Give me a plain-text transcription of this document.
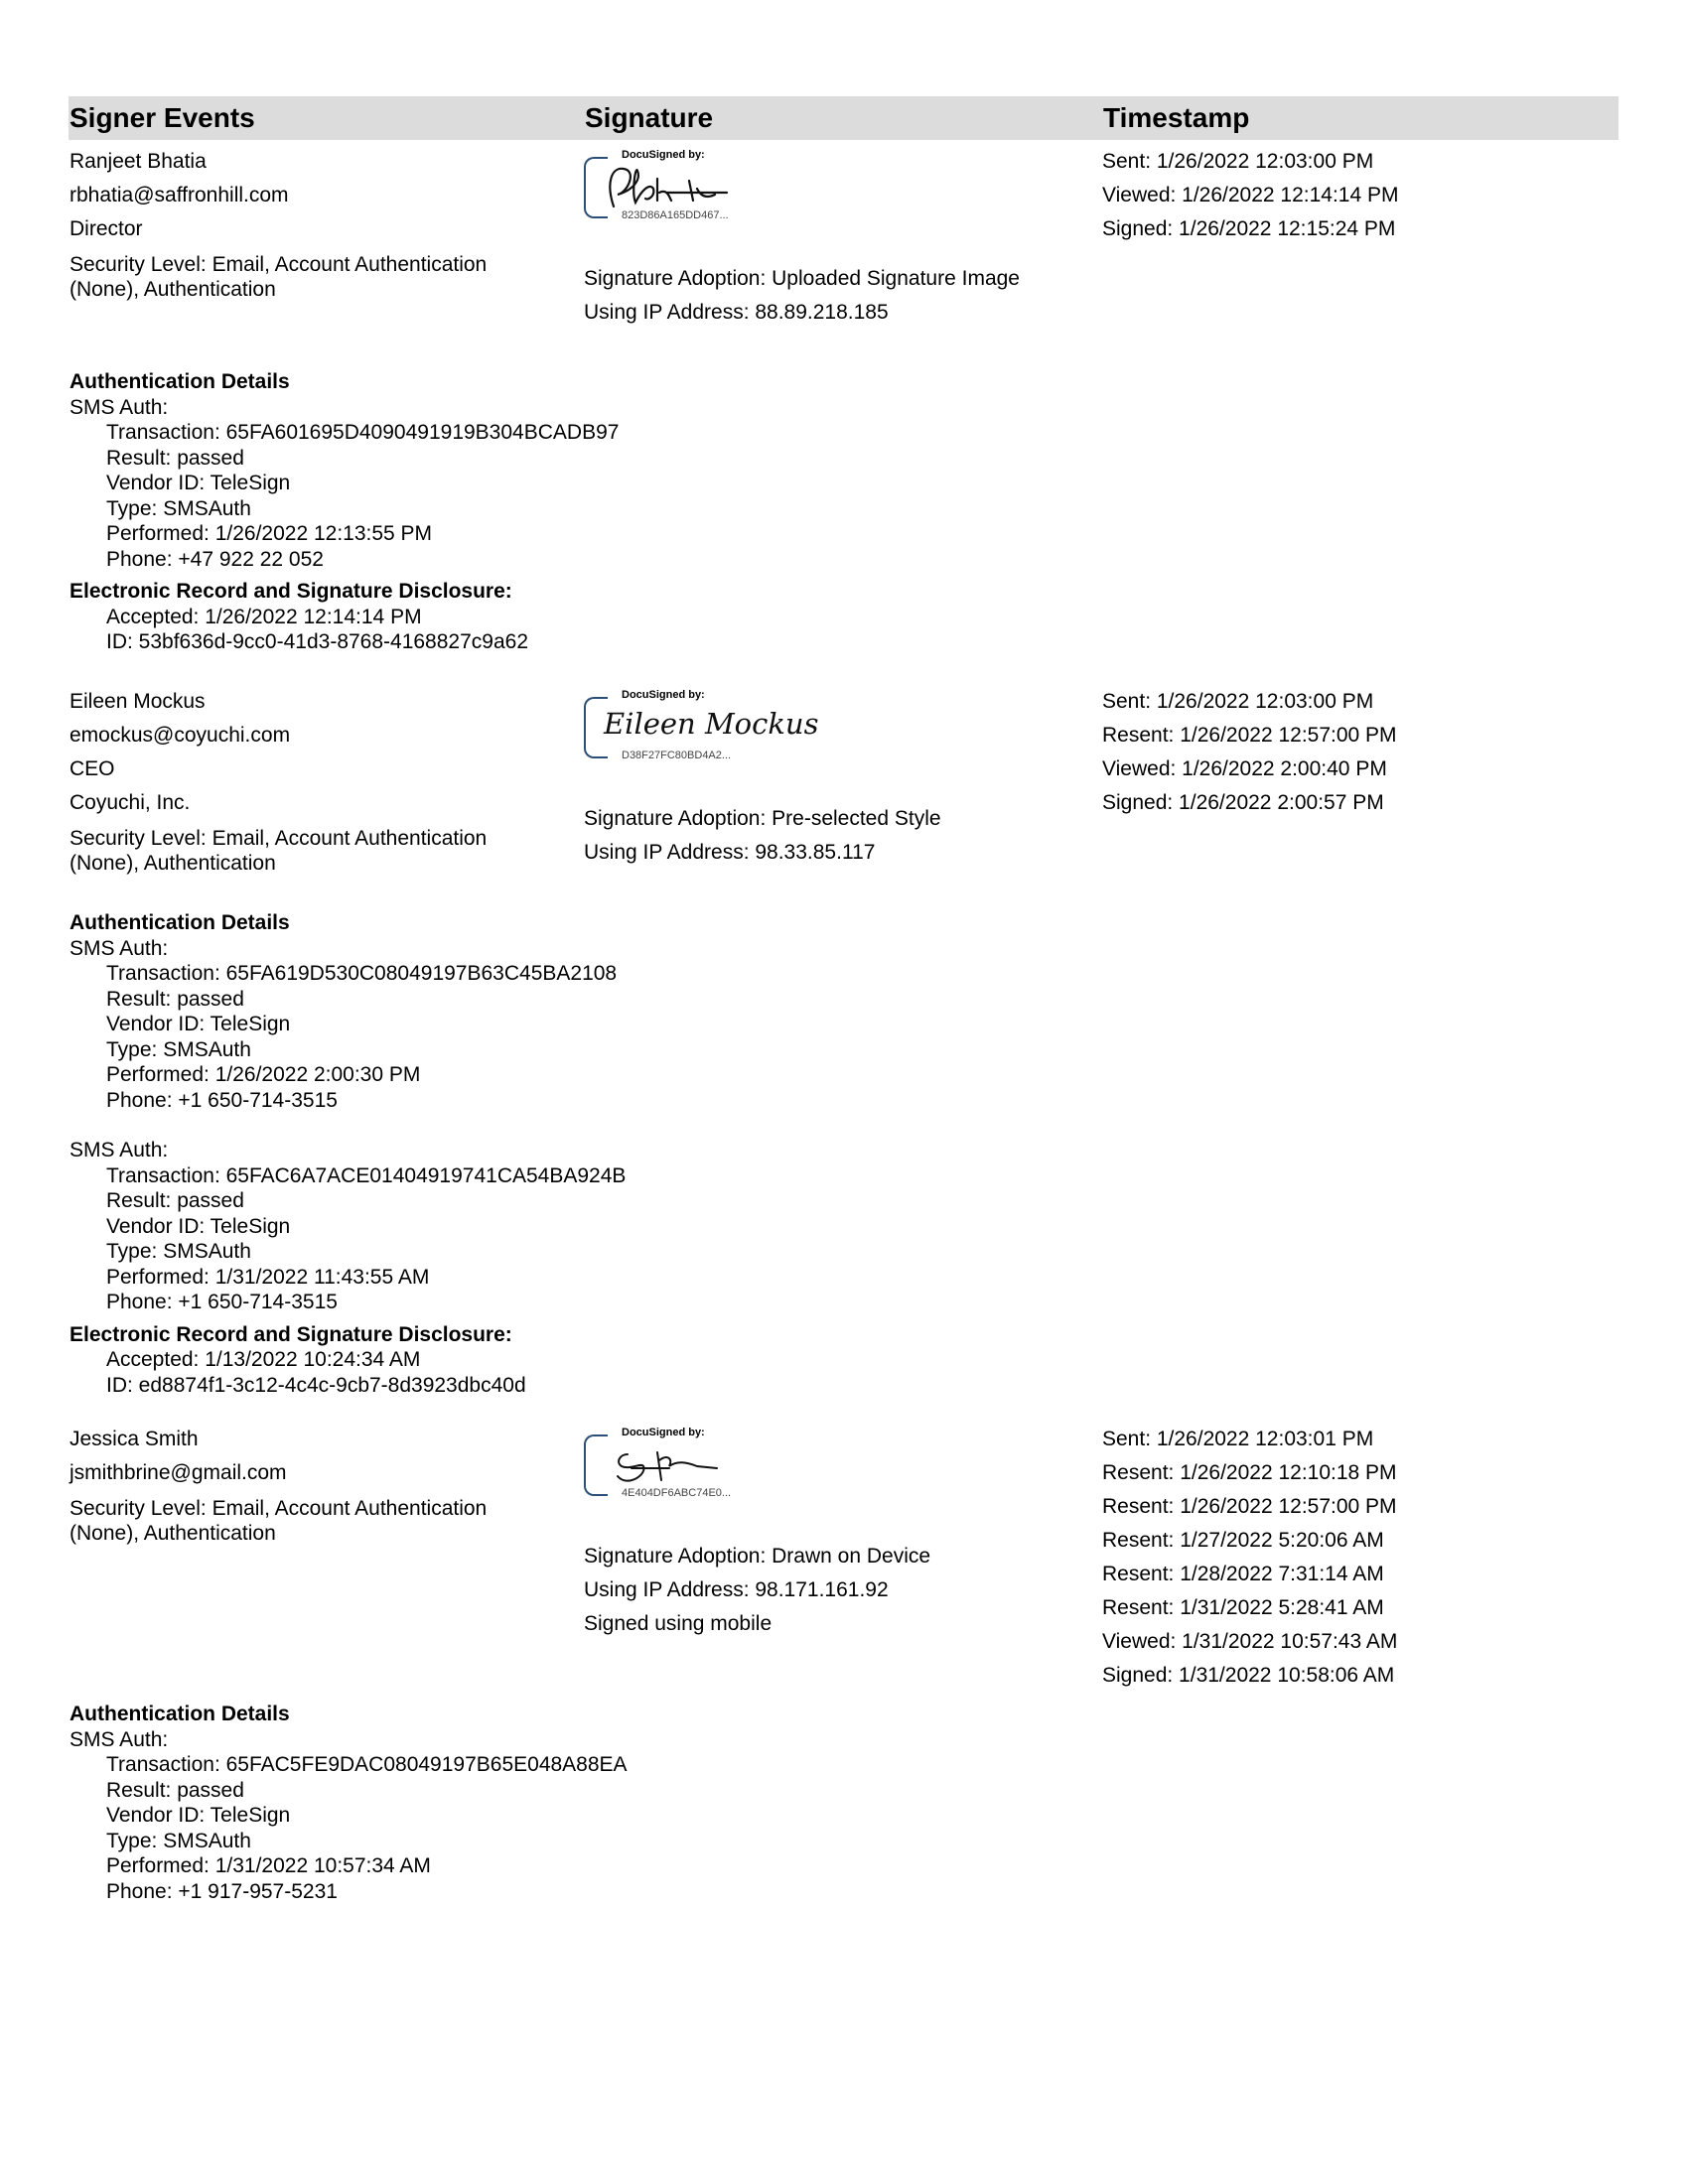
Signer Events	Signature	Timestamp
Ranjeet Bhatia
rbhatia@saffronhill.com
Director
Security Level: Email, Account Authentication
(None), Authentication
DocuSigned by:
823D86A165DD467...
Signature Adoption: Uploaded Signature Image
Using IP Address: 88.89.218.185
Sent: 1/26/2022 12:03:00 PM
Viewed: 1/26/2022 12:14:14 PM
Signed: 1/26/2022 12:15:24 PM
Authentication Details
SMS Auth:
Transaction: 65FA601695D4090491919B304BCADB97
Result: passed
Vendor ID: TeleSign
Type: SMSAuth
Performed: 1/26/2022 12:13:55 PM
Phone: +47 922 22 052
Electronic Record and Signature Disclosure:
Accepted: 1/26/2022 12:14:14 PM
ID: 53bf636d-9cc0-41d3-8768-4168827c9a62
Eileen Mockus
emockus@coyuchi.com
CEO
Coyuchi, Inc.
Security Level: Email, Account Authentication
(None), Authentication
DocuSigned by:
Eileen Mockus
D38F27FC80BD4A2...
Signature Adoption: Pre-selected Style
Using IP Address: 98.33.85.117
Sent: 1/26/2022 12:03:00 PM
Resent: 1/26/2022 12:57:00 PM
Viewed: 1/26/2022 2:00:40 PM
Signed: 1/26/2022 2:00:57 PM
Authentication Details
SMS Auth:
Transaction: 65FA619D530C08049197B63C45BA2108
Result: passed
Vendor ID: TeleSign
Type: SMSAuth
Performed: 1/26/2022 2:00:30 PM
Phone: +1 650-714-3515
SMS Auth:
Transaction: 65FAC6A7ACE01404919741CA54BA924B
Result: passed
Vendor ID: TeleSign
Type: SMSAuth
Performed: 1/31/2022 11:43:55 AM
Phone: +1 650-714-3515
Electronic Record and Signature Disclosure:
Accepted: 1/13/2022 10:24:34 AM
ID: ed8874f1-3c12-4c4c-9cb7-8d3923dbc40d
Jessica Smith
jsmithbrine@gmail.com
Security Level: Email, Account Authentication
(None), Authentication
DocuSigned by:
4E404DF6ABC74E0...
Signature Adoption: Drawn on Device
Using IP Address: 98.171.161.92
Signed using mobile
Sent: 1/26/2022 12:03:01 PM
Resent: 1/26/2022 12:10:18 PM
Resent: 1/26/2022 12:57:00 PM
Resent: 1/27/2022 5:20:06 AM
Resent: 1/28/2022 7:31:14 AM
Resent: 1/31/2022 5:28:41 AM
Viewed: 1/31/2022 10:57:43 AM
Signed: 1/31/2022 10:58:06 AM
Authentication Details
SMS Auth:
Transaction: 65FAC5FE9DAC08049197B65E048A88EA
Result: passed
Vendor ID: TeleSign
Type: SMSAuth
Performed: 1/31/2022 10:57:34 AM
Phone: +1 917-957-5231
